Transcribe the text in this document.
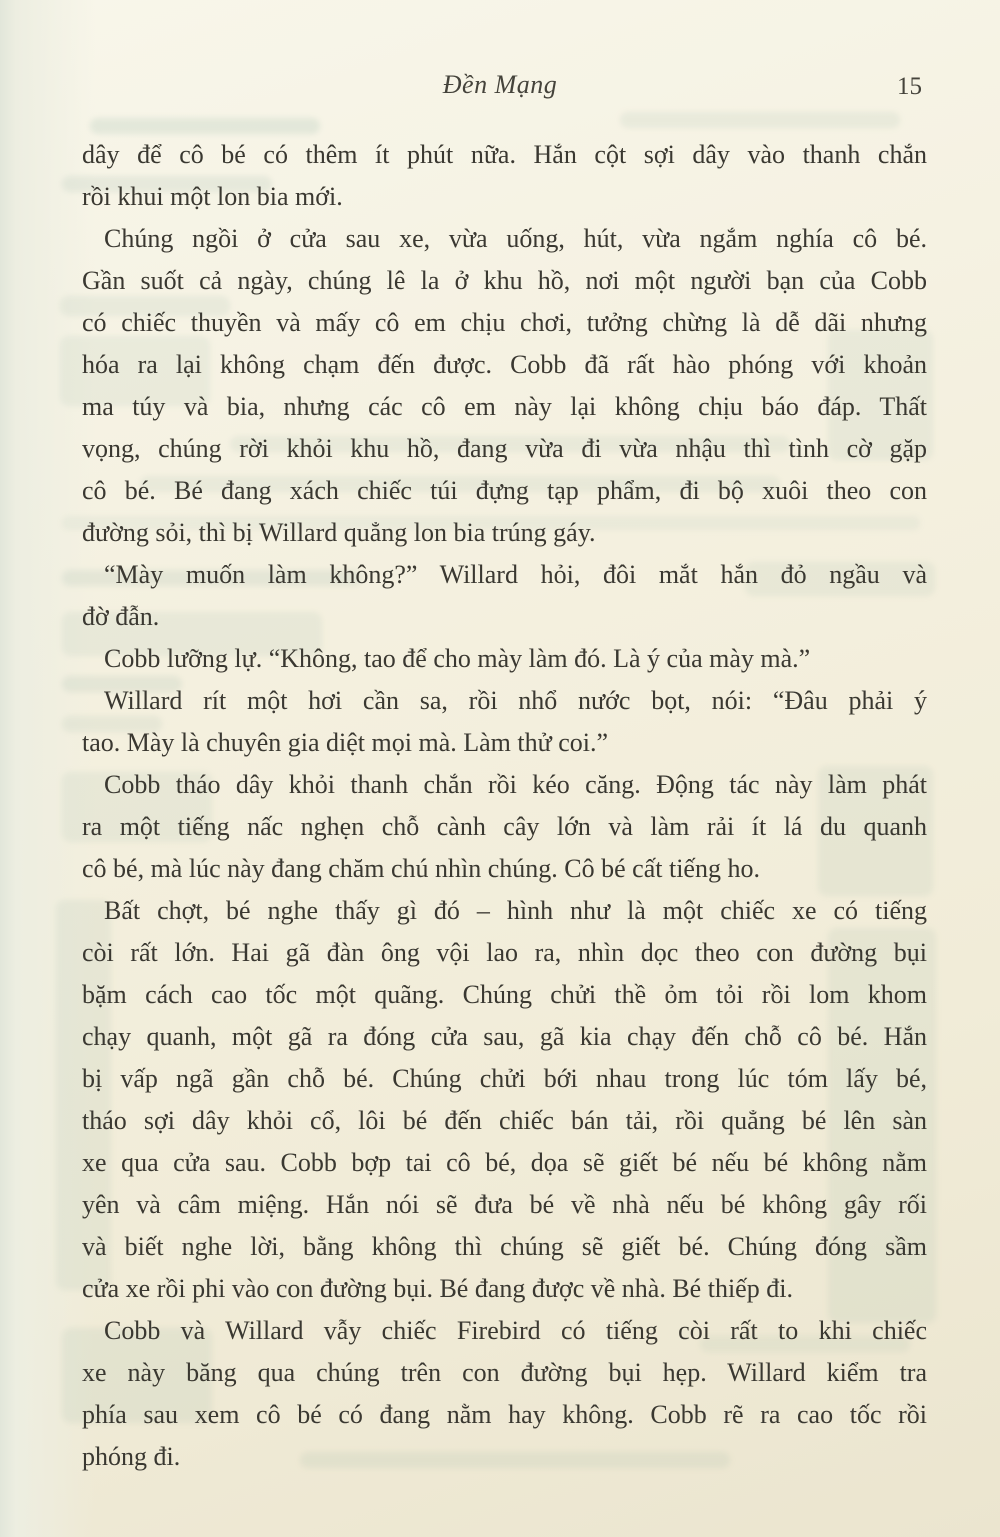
Đền Mạng	15
dây để cô bé có thêm ít phút nữa. Hắn cột sợi dây vào thanh chắn
rồi khui một lon bia mới.
Chúng ngồi ở cửa sau xe, vừa uống, hút, vừa ngắm nghía cô bé.
Gần suốt cả ngày, chúng lê la ở khu hồ, nơi một người bạn của Cobb
có chiếc thuyền và mấy cô em chịu chơi, tưởng chừng là dễ dãi nhưng
hóa ra lại không chạm đến được. Cobb đã rất hào phóng với khoản
ma túy và bia, nhưng các cô em này lại không chịu báo đáp. Thất
vọng, chúng rời khỏi khu hồ, đang vừa đi vừa nhậu thì tình cờ gặp
cô bé. Bé đang xách chiếc túi đựng tạp phẩm, đi bộ xuôi theo con
đường sỏi, thì bị Willard quẳng lon bia trúng gáy.
“Mày muốn làm không?” Willard hỏi, đôi mắt hắn đỏ ngầu và
đờ đẫn.
Cobb lưỡng lự. “Không, tao để cho mày làm đó. Là ý của mày mà.”
Willard rít một hơi cần sa, rồi nhổ nước bọt, nói: “Đâu phải ý
tao. Mày là chuyên gia diệt mọi mà. Làm thử coi.”
Cobb tháo dây khỏi thanh chắn rồi kéo căng. Động tác này làm phát
ra một tiếng nấc nghẹn chỗ cành cây lớn và làm rải ít lá du quanh
cô bé, mà lúc này đang chăm chú nhìn chúng. Cô bé cất tiếng ho.
Bất chợt, bé nghe thấy gì đó – hình như là một chiếc xe có tiếng
còi rất lớn. Hai gã đàn ông vội lao ra, nhìn dọc theo con đường bụi
bặm cách cao tốc một quãng. Chúng chửi thề ỏm tỏi rồi lom khom
chạy quanh, một gã ra đóng cửa sau, gã kia chạy đến chỗ cô bé. Hắn
bị vấp ngã gần chỗ bé. Chúng chửi bới nhau trong lúc tóm lấy bé,
tháo sợi dây khỏi cổ, lôi bé đến chiếc bán tải, rồi quẳng bé lên sàn
xe qua cửa sau. Cobb bợp tai cô bé, dọa sẽ giết bé nếu bé không nằm
yên và câm miệng. Hắn nói sẽ đưa bé về nhà nếu bé không gây rối
và biết nghe lời, bằng không thì chúng sẽ giết bé. Chúng đóng sầm
cửa xe rồi phi vào con đường bụi. Bé đang được về nhà. Bé thiếp đi.
Cobb và Willard vẫy chiếc Firebird có tiếng còi rất to khi chiếc
xe này băng qua chúng trên con đường bụi hẹp. Willard kiểm tra
phía sau xem cô bé có đang nằm hay không. Cobb rẽ ra cao tốc rồi
phóng đi.
